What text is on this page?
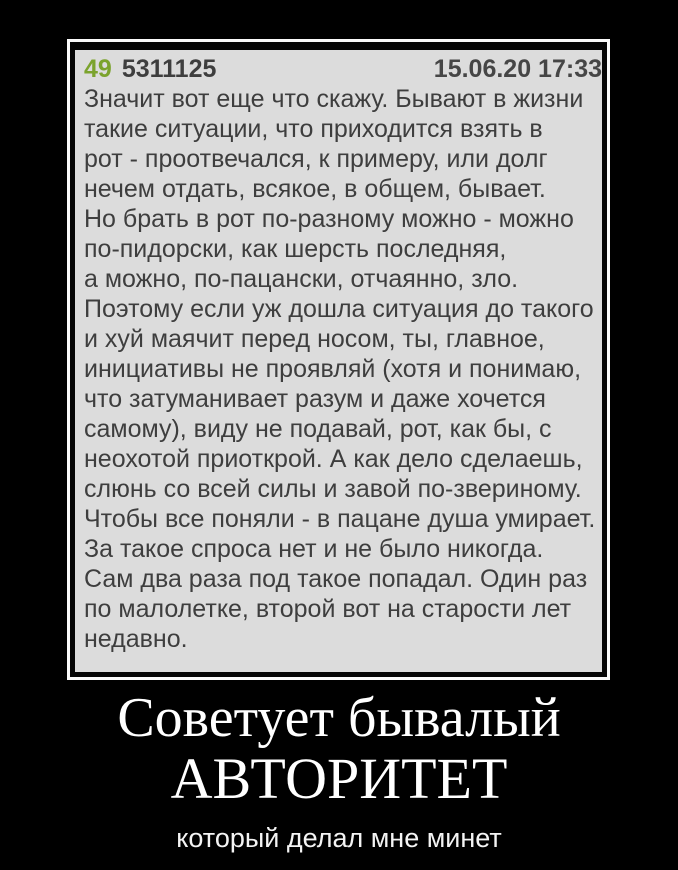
49 5311125	15.06.20 17:33
Значит вот еще что скажу. Бывают в жизни
такие ситуации, что приходится взять в
рот - проотвечался, к примеру, или долг
нечем отдать, всякое, в общем, бывает.
Но брать в рот по-разному можно - можно
по-пидорски, как шерсть последняя,
а можно, по-пацански, отчаянно, зло.
Поэтому если уж дошла ситуация до такого
и хуй маячит перед носом, ты, главное,
инициативы не проявляй (хотя и понимаю,
что затуманивает разум и даже хочется
самому), виду не подавай, рот, как бы, с
неохотой приоткрой. А как дело сделаешь,
слюнь со всей силы и завой по-звериному.
Чтобы все поняли - в пацане душа умирает.
За такое спроса нет и не было никогда.
Сам два раза под такое попадал. Один раз
по малолетке, второй вот на старости лет
недавно.
Советует бывалый
АВТОРИТЕТ
который делал мне минет
